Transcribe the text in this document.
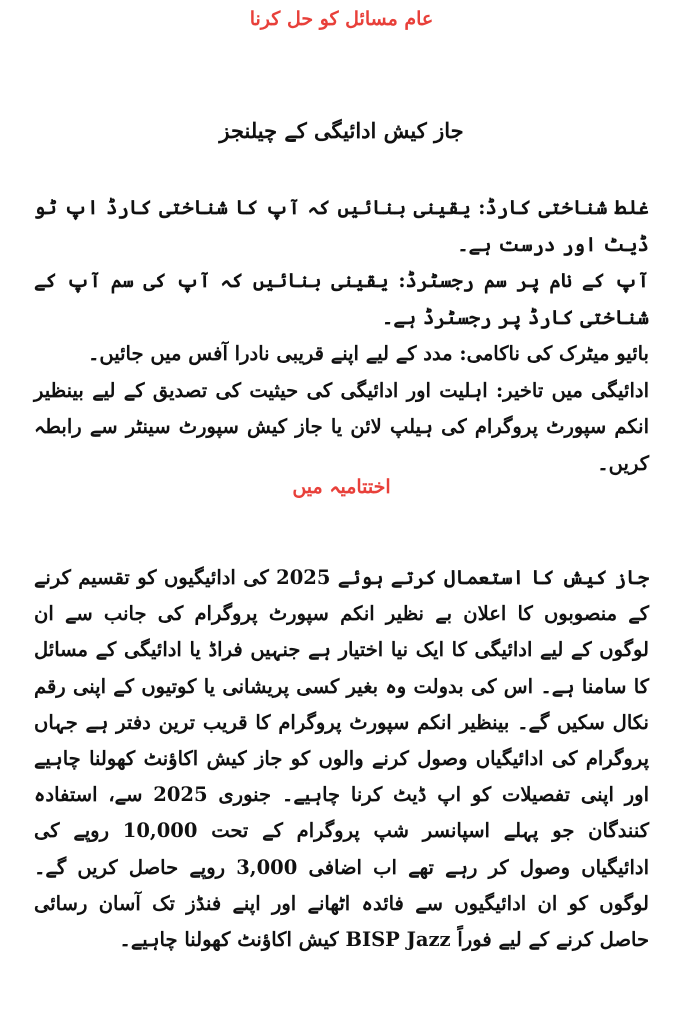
عام مسائل کو حل کرنا
جاز کیش ادائیگی کے چیلنجز

غلط شناختی کارڈ: یقینی بنائیں کہ آپ کا شناختی کارڈ اپ ٹو ڈیٹ اور درست ہے۔

آپ کے نام پر سم رجسٹرڈ: یقینی بنائیں کہ آپ کی سم آپ کے شناختی کارڈ پر رجسٹرڈ ہے۔

بائیو میٹرک کی ناکامی: مدد کے لیے اپنے قریبی نادرا آفس میں جائیں۔

ادائیگی میں تاخیر: اہلیت اور ادائیگی کی حیثیت کی تصدیق کے لیے بینظیر انکم سپورٹ پروگرام کی ہیلپ لائن یا جاز کیش سپورٹ سینٹر سے رابطہ کریں۔

اختتامیہ میں

جاز کیش کا استعمال کرتے ہوئے 2025 کی ادائیگیوں کو تقسیم کرنے کے منصوبوں کا اعلان بے نظیر انکم سپورٹ پروگرام کی جانب سے ان لوگوں کے لیے ادائیگی کا ایک نیا اختیار ہے جنہیں فراڈ یا ادائیگی کے مسائل کا سامنا ہے۔ اس کی بدولت وہ بغیر کسی پریشانی یا کوتیوں کے اپنی رقم نکال سکیں گے۔ بینظیر انکم سپورٹ پروگرام کا قریب ترین دفتر ہے جہاں پروگرام کی ادائیگیاں وصول کرنے والوں کو جاز کیش اکاؤنٹ کھولنا چاہیے اور اپنی تفصیلات کو اپ ڈیٹ کرنا چاہیے۔ جنوری 2025 سے، استفادہ کنندگان جو پہلے اسپانسر شپ پروگرام کے تحت 10,000 روپے کی ادائیگیاں وصول کر رہے تھے اب اضافی 3,000 روپے حاصل کریں گے۔ لوگوں کو ان ادائیگیوں سے فائدہ اٹھانے اور اپنے فنڈز تک آسان رسائی حاصل کرنے کے لیے فوراً BISP Jazz کیش اکاؤنٹ کھولنا چاہیے۔
